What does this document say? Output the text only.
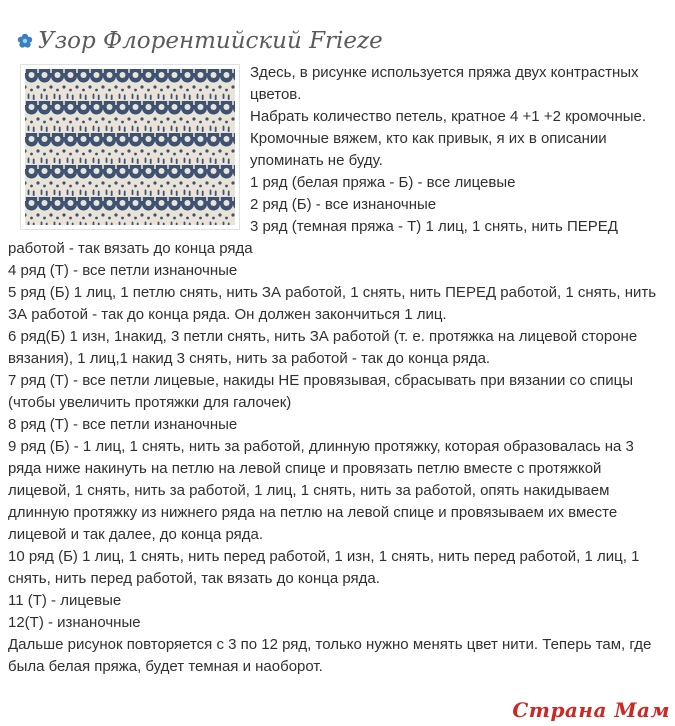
Узор Флорентийский Frieze
Здесь, в рисунке используется пряжа двух контрастных цветов.
Набрать количество петель, кратное 4 +1 +2 кромочные.
Кромочные вяжем, кто как привык, я их в описании упоминать не буду.
1 ряд (белая пряжа - Б) - все лицевые
2 ряд (Б) - все изнаночные
3 ряд (темная пряжа - Т) 1 лиц, 1 снять, нить ПЕРЕД работой - так вязать до конца ряда
4 ряд (Т) - все петли изнаночные
5 ряд (Б) 1 лиц, 1 петлю снять, нить ЗА работой, 1 снять, нить ПЕРЕД работой, 1 снять, нить ЗА работой - так до конца ряда. Он должен закончиться 1 лиц.
6 ряд(Б) 1 изн, 1накид, 3 петли снять, нить ЗА работой (т. е. протяжка на лицевой стороне вязания), 1 лиц,1 накид 3 снять, нить за работой - так до конца ряда.
7 ряд (Т) - все петли лицевые, накиды НЕ провязывая, сбрасывать при вязании со спицы (чтобы увеличить протяжки для галочек)
8 ряд (Т) - все петли изнаночные
9 ряд (Б) - 1 лиц, 1 снять, нить за работой, длинную протяжку, которая образовалась на 3 ряда ниже накинуть на петлю на левой спице и провязать петлю вместе с протяжкой лицевой, 1 снять, нить за работой, 1 лиц, 1 снять, нить за работой, опять накидываем длинную протяжку из нижнего ряда на петлю на левой спице и провязываем их вместе лицевой и так далее, до конца ряда.
10 ряд (Б) 1 лиц, 1 снять, нить перед работой, 1 изн, 1 снять, нить перед работой, 1 лиц, 1 снять, нить перед работой, так вязать до конца ряда.
11 (Т) - лицевые
12(Т) - изнаночные
Дальше рисунок повторяется с 3 по 12 ряд, только нужно менять цвет нити. Теперь там, где была белая пряжа, будет темная и наоборот.
Страна Мам
